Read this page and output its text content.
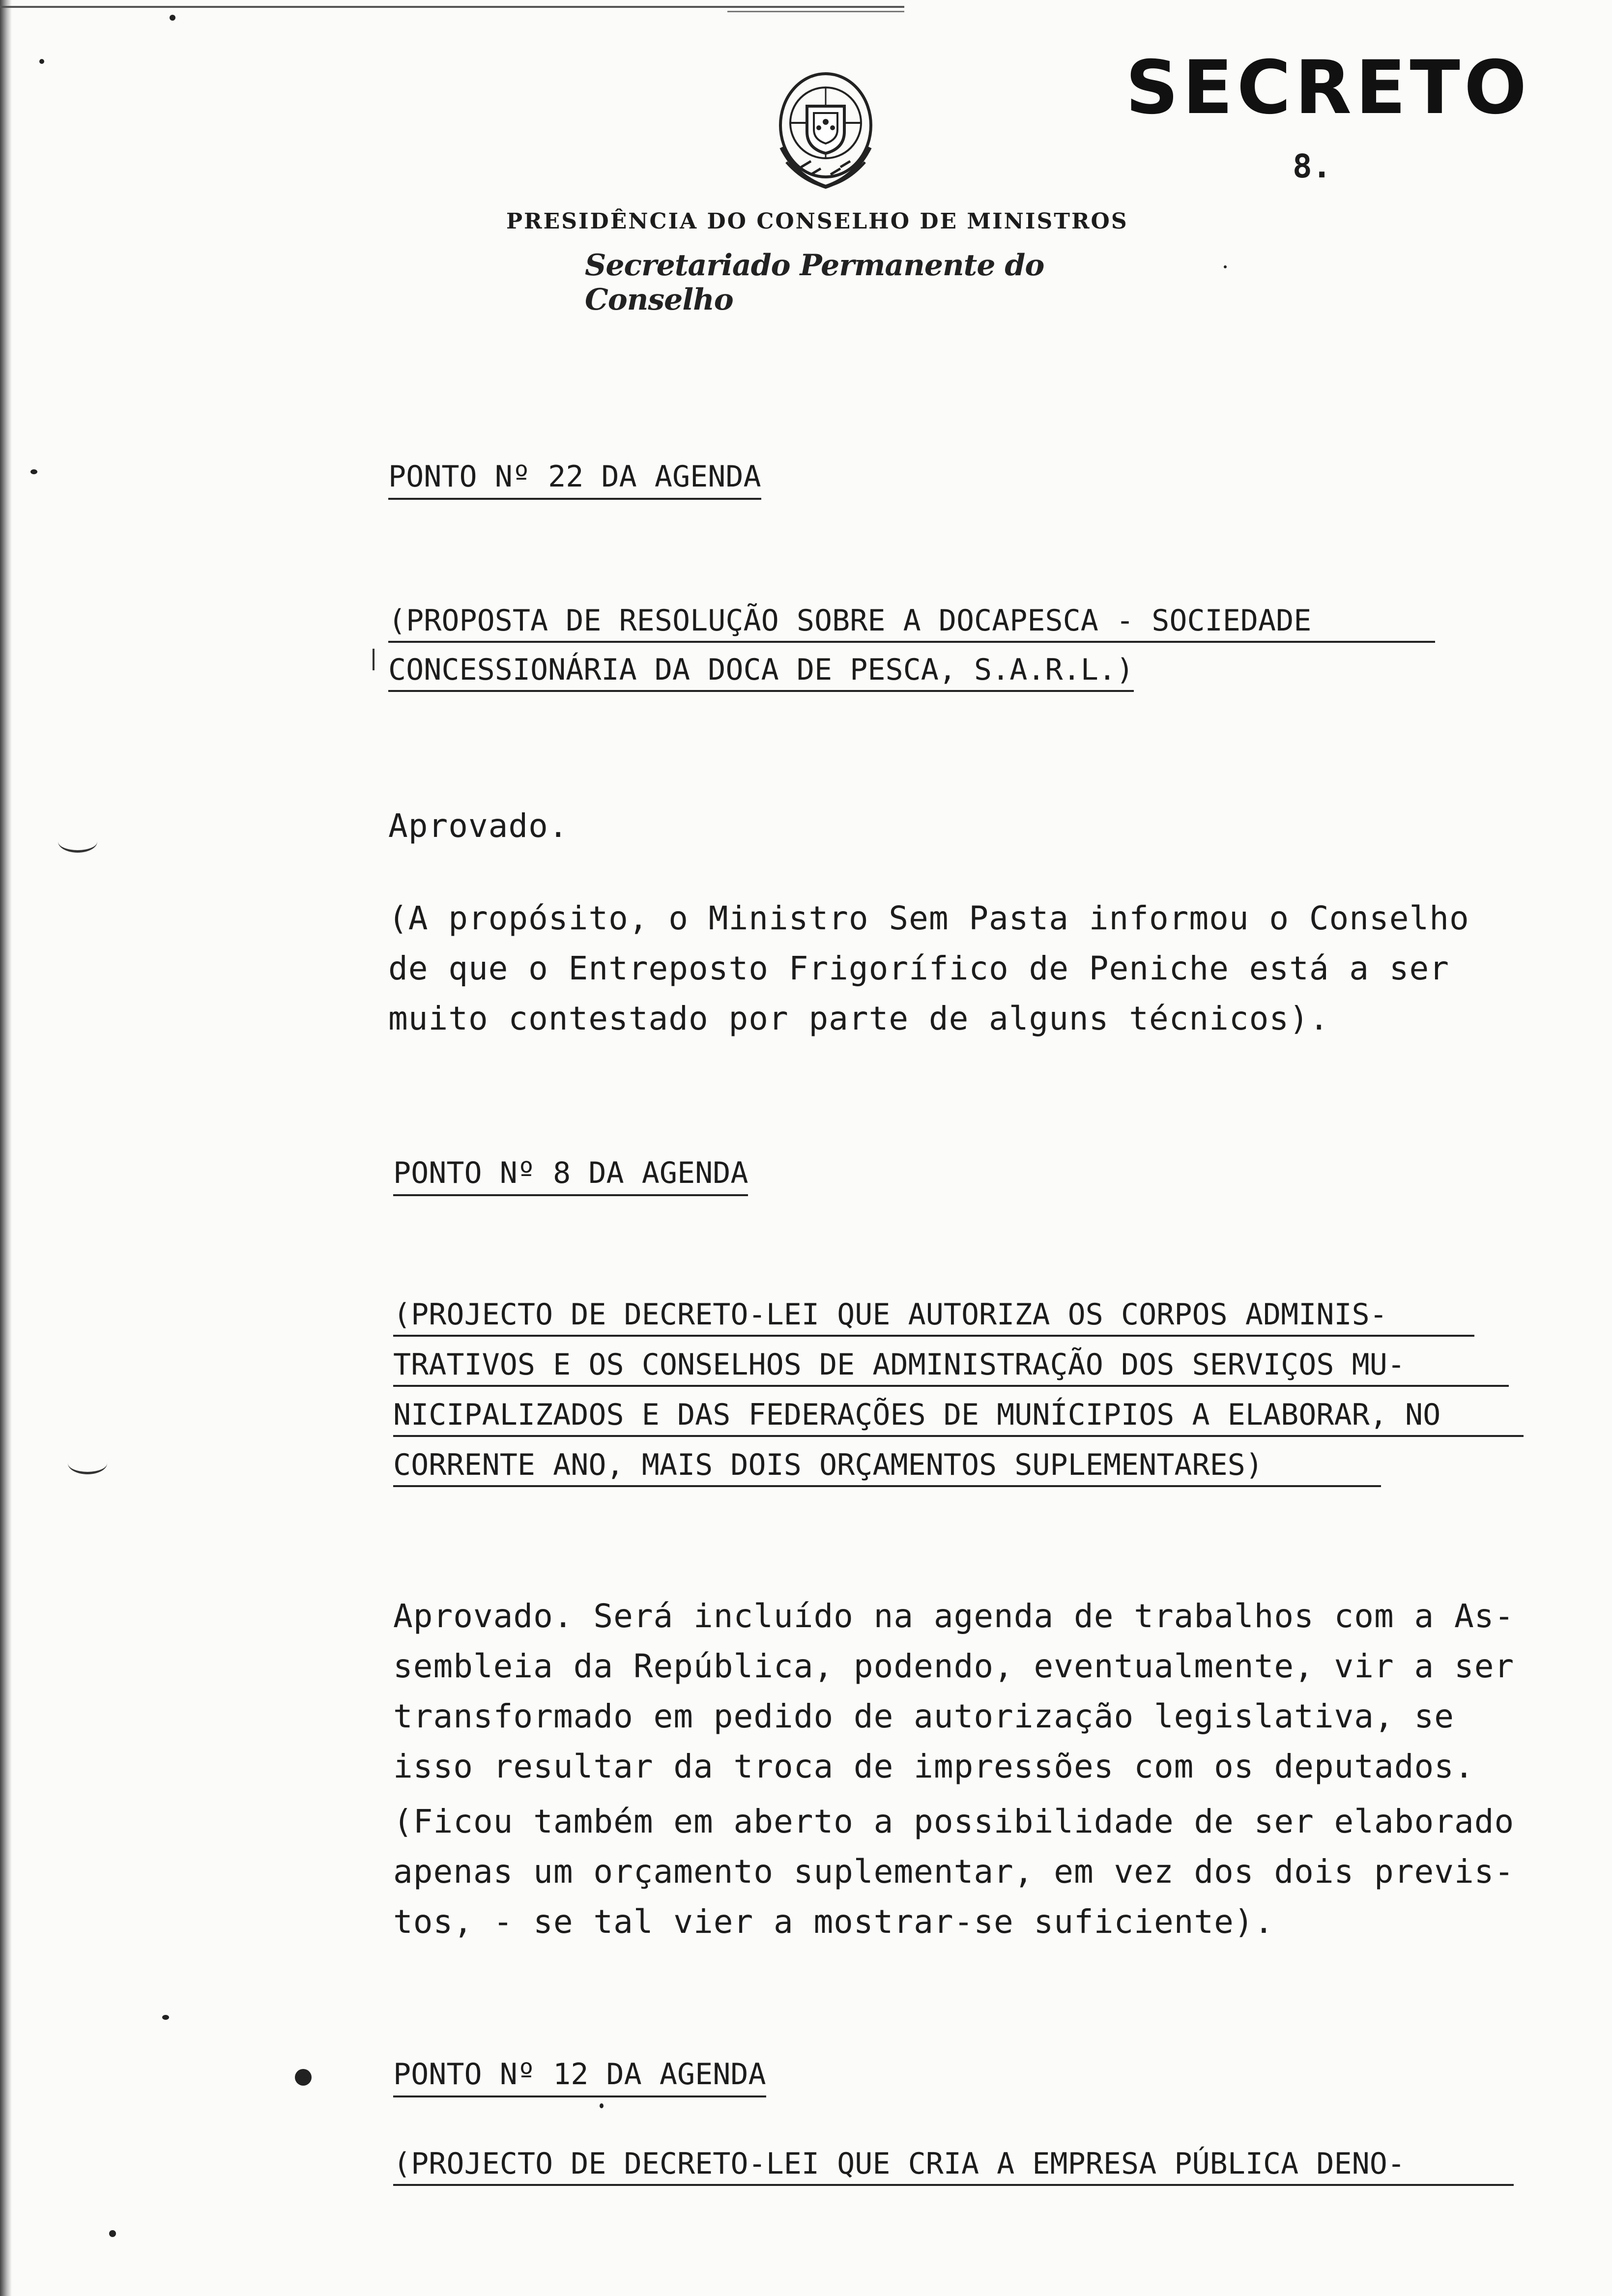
SECRETO
8.
PRESIDÊNCIA DO CONSELHO DE MINISTROS
Secretariado Permanente do Conselho
PONTO Nº 22 DA AGENDA
(PROPOSTA DE RESOLUÇÃO SOBRE A DOCAPESCA - SOCIEDADE
CONCESSIONÁRIA DA DOCA DE PESCA, S.A.R.L.)
Aprovado.
(A propósito, o Ministro Sem Pasta informou o Conselho
de que o Entreposto Frigorífico de Peniche está a ser
muito contestado por parte de alguns técnicos).
PONTO Nº 8 DA AGENDA
(PROJECTO DE DECRETO-LEI QUE AUTORIZA OS CORPOS ADMINIS-
TRATIVOS E OS CONSELHOS DE ADMINISTRAÇÃO DOS SERVIÇOS MU-
NICIPALIZADOS E DAS FEDERAÇÕES DE MUNÍCIPIOS A ELABORAR, NO
CORRENTE ANO, MAIS DOIS ORÇAMENTOS SUPLEMENTARES)
Aprovado. Será incluído na agenda de trabalhos com a As-
sembleia da República, podendo, eventualmente, vir a ser
transformado em pedido de autorização legislativa, se
isso resultar da troca de impressões com os deputados.
(Ficou também em aberto a possibilidade de ser elaborado
apenas um orçamento suplementar, em vez dos dois previs-
tos, - se tal vier a mostrar-se suficiente).
PONTO Nº 12 DA AGENDA
(PROJECTO DE DECRETO-LEI QUE CRIA A EMPRESA PÚBLICA DENO-
